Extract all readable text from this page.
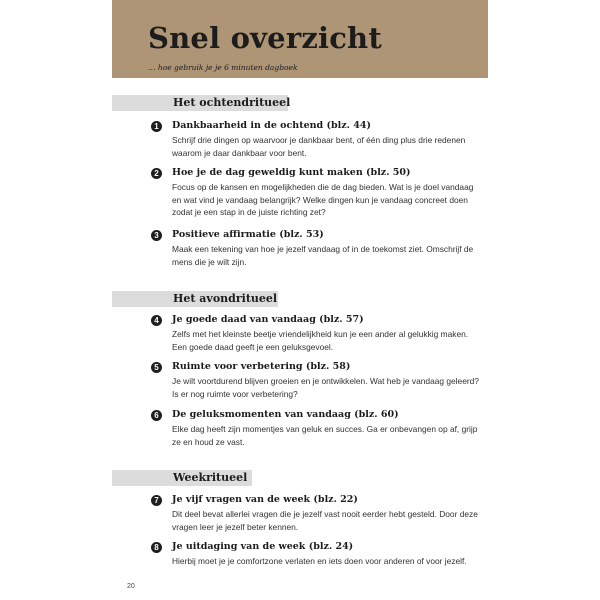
Snel overzicht
… hoe gebruik je je 6 minuten dagboek
Het ochtendritueel
1	Dankbaarheid in de ochtend (blz. 44)
Schrijf drie dingen op waarvoor je dankbaar bent, of één ding plus drie redenen waarom je daar dankbaar voor bent.
2	Hoe je de dag geweldig kunt maken (blz. 50)
Focus op de kansen en mogelijkheden die de dag bieden. Wat is je doel vandaag en wat vind je vandaag belangrijk? Welke dingen kun je vandaag concreet doen zodat je een stap in de juiste richting zet?
3	Positieve affirmatie (blz. 53)
Maak een tekening van hoe je jezelf vandaag of in de toekomst ziet. Omschrijf de mens die je wilt zijn.
Het avondritueel
4	Je goede daad van vandaag (blz. 57)
Zelfs met het kleinste beetje vriendelijkheid kun je een ander al gelukkig maken. Een goede daad geeft je een geluksgevoel.
5	Ruimte voor verbetering (blz. 58)
Je wilt voortdurend blijven groeien en je ontwikkelen. Wat heb je vandaag geleerd? Is er nog ruimte voor verbetering?
6	De geluksmomenten van vandaag (blz. 60)
Elke dag heeft zijn momentjes van geluk en succes. Ga er onbevangen op af, grijp ze en houd ze vast.
Weekritueel
7	Je vijf vragen van de week (blz. 22)
Dit deel bevat allerlei vragen die je jezelf vast nooit eerder hebt gesteld. Door deze vragen leer je jezelf beter kennen.
8	Je uitdaging van de week (blz. 24)
Hierbij moet je je comfortzone verlaten en iets doen voor anderen of voor jezelf.
20
